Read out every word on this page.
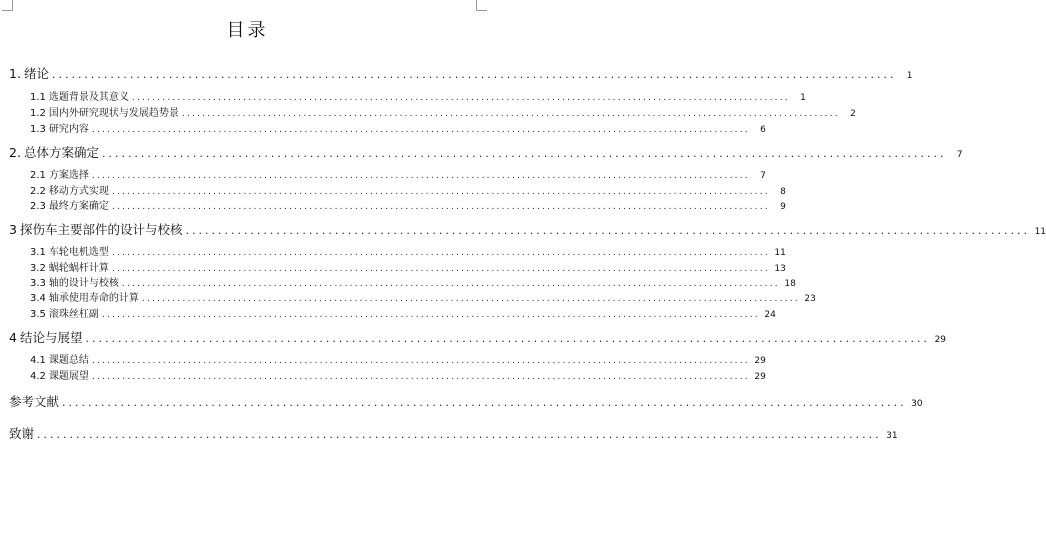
目录
1. 绪论 ..................................................................................................................................	1
1.1 选题背景及其意义 ..................................................................................................................................	1
1.2 国内外研究现状与发展趋势景 ..................................................................................................................................	2
1.3 研究内容 ..................................................................................................................................	6
2. 总体方案确定 ..................................................................................................................................	7
2.1 方案选择 ..................................................................................................................................	7
2.2 移动方式实现 ..................................................................................................................................	8
2.3 最终方案确定 ..................................................................................................................................	9
3 探伤车主要部件的设计与校核 .................................................................................................................................. 11
3.1 车轮电机选型 .................................................................................................................................. 11
3.2 蜗轮蜗杆计算 .................................................................................................................................. 13
3.3 轴的设计与校核 .................................................................................................................................. 18
3.4 轴承使用寿命的计算 .................................................................................................................................. 23
3.5 滚珠丝杠副 .................................................................................................................................. 24
4 结论与展望 .................................................................................................................................. 29
4.1 课题总结 .................................................................................................................................. 29
4.2 课题展望 .................................................................................................................................. 29
参考文献 .................................................................................................................................. 30
致谢 .................................................................................................................................. 31
